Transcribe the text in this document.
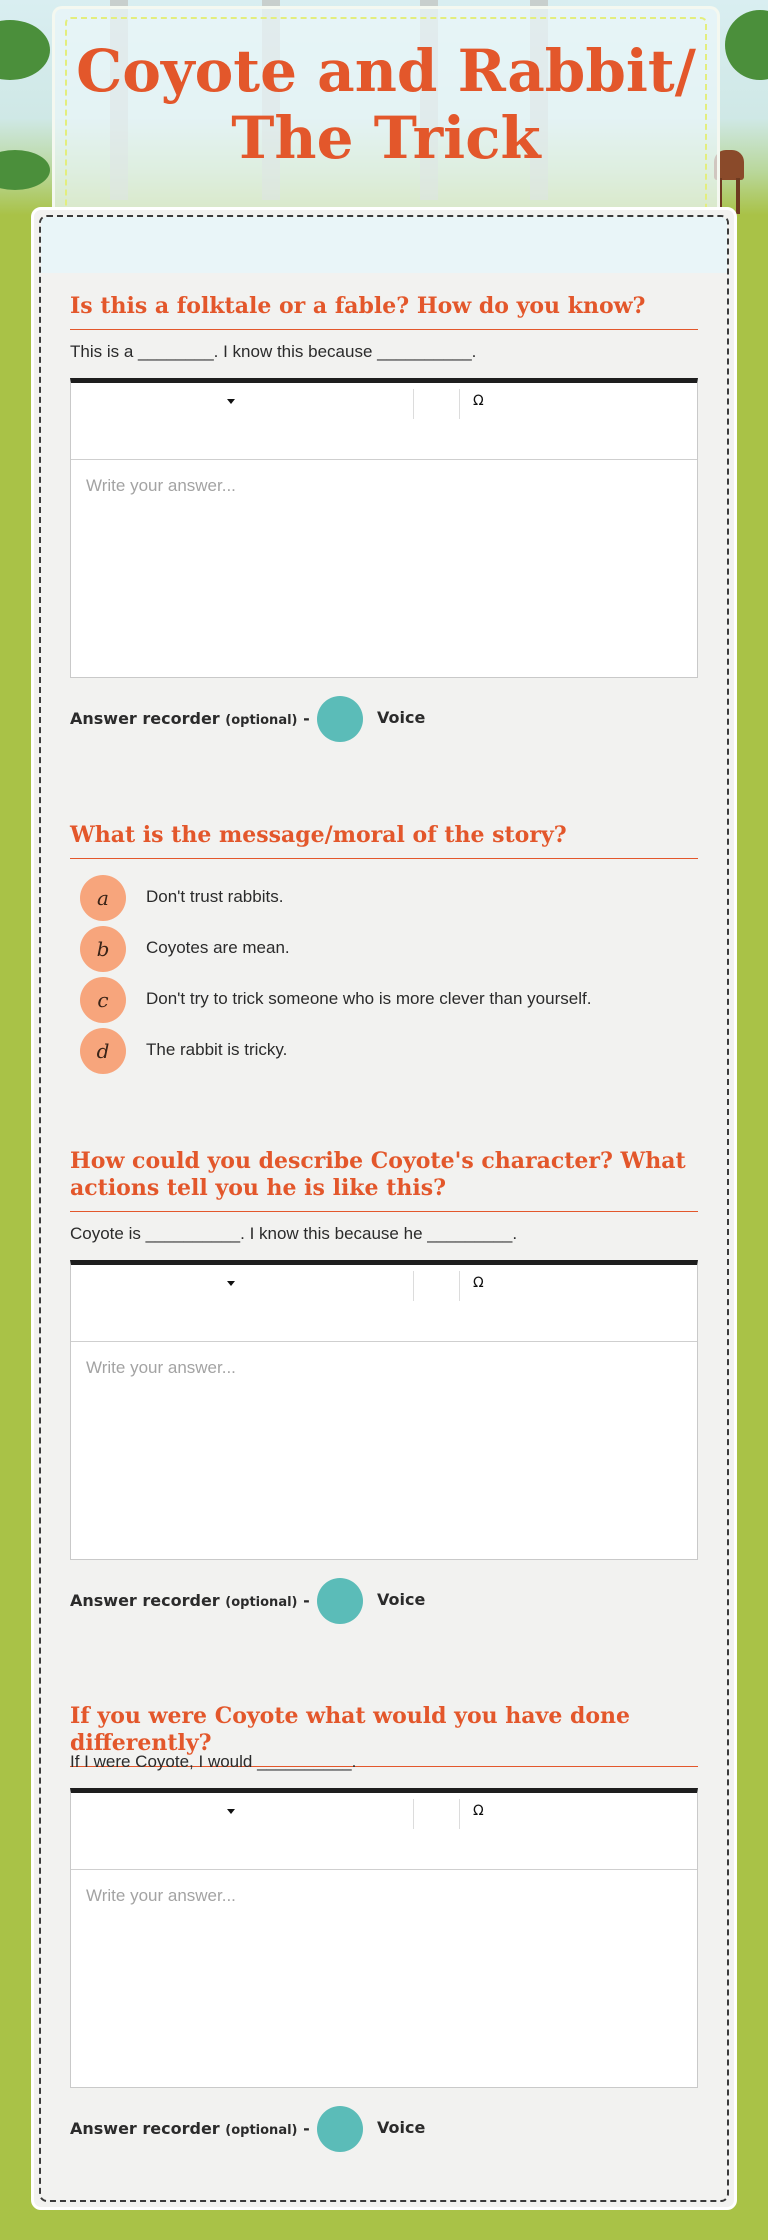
Coyote and Rabbit/
The Trick
Is this a folktale or a fable? How do you know?

This is a ________. I know this because __________.

Ω
Write your answer...
Answer recorder (optional) -	Voice
What is the message/moral of the story?
a	Don't trust rabbits.
b	Coyotes are mean.
c	Don't try to trick someone who is more clever than yourself.
d	The rabbit is tricky.
How could you describe Coyote's character? What actions tell you he is like this?

Coyote is __________. I know this because he _________.

Ω
Write your answer...
Answer recorder (optional) -	Voice
If you were Coyote what would you have done differently?

If I were Coyote, I would __________.

Ω
Write your answer...
Answer recorder (optional) -	Voice
